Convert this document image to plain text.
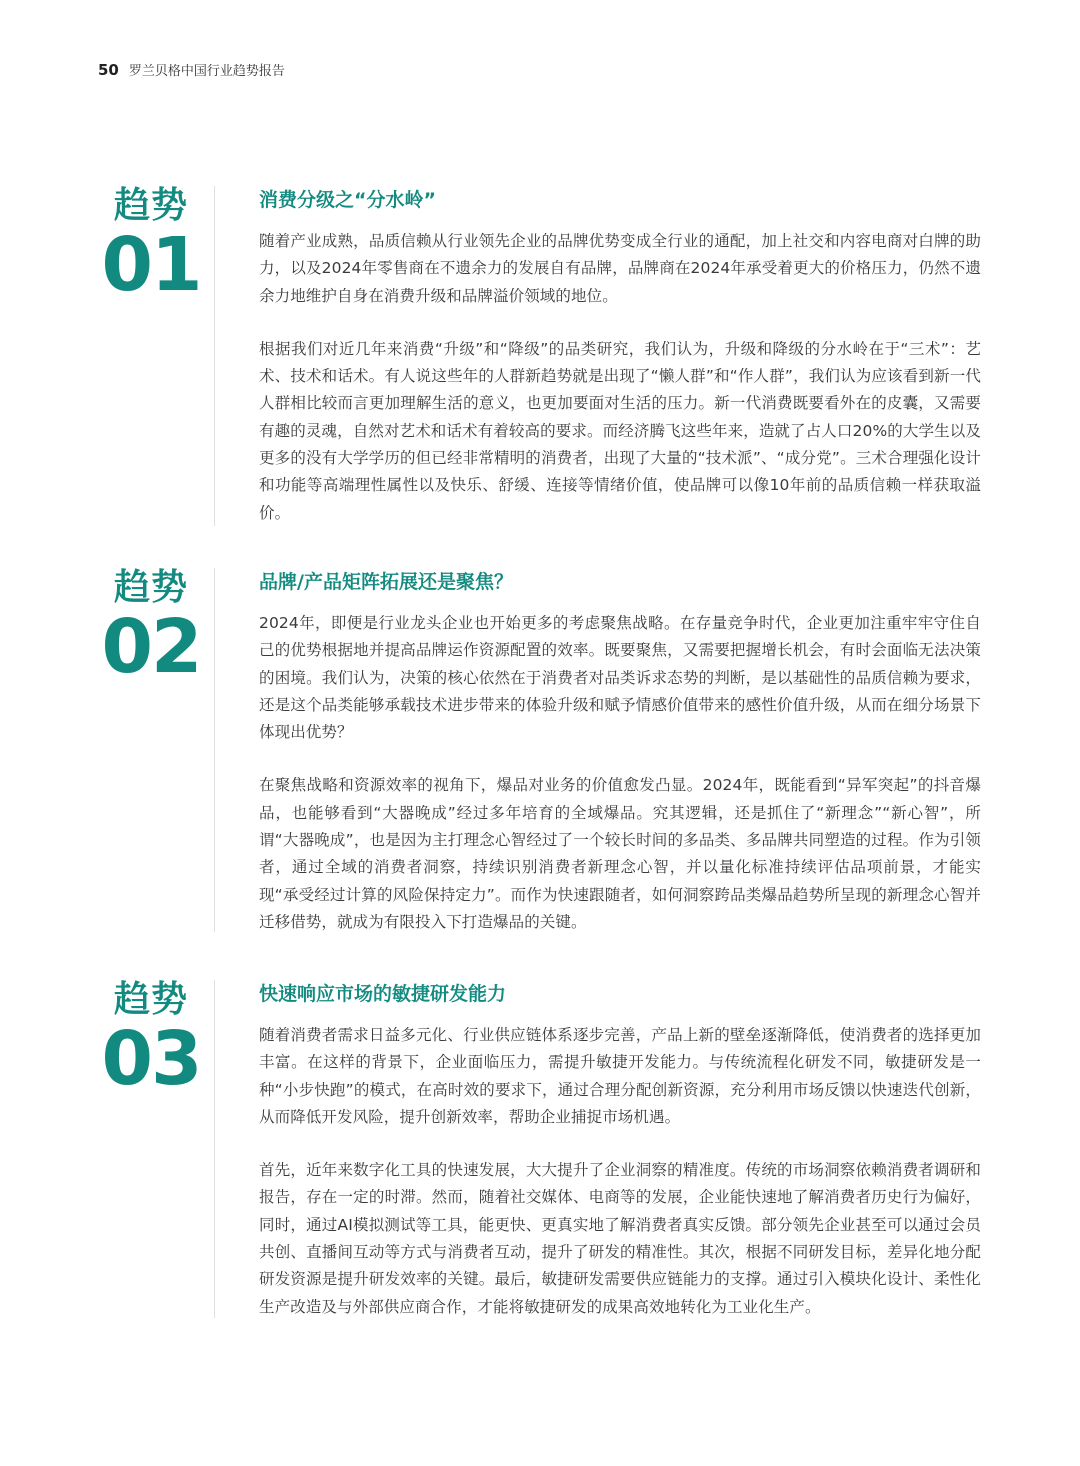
50 罗兰贝格中国行业趋势报告
趋势
01
消费分级之“分水岭”

随着产业成熟，品质信赖从行业领先企业的品牌优势变成全行业的通配，加上社交和内容电商对白牌的助力，以及2024年零售商在不遗余力的发展自有品牌，品牌商在2024年承受着更大的价格压力，仍然不遗余力地维护自身在消费升级和品牌溢价领域的地位。

根据我们对近几年来消费“升级”和“降级”的品类研究，我们认为，升级和降级的分水岭在于“三术”：艺术、技术和话术。有人说这些年的人群新趋势就是出现了“懒人群”和“作人群”，我们认为应该看到新一代人群相比较而言更加理解生活的意义，也更加要面对生活的压力。新一代消费既要看外在的皮囊，又需要有趣的灵魂，自然对艺术和话术有着较高的要求。而经济腾飞这些年来，造就了占人口20%的大学生以及更多的没有大学学历的但已经非常精明的消费者，出现了大量的“技术派”、“成分党”。三术合理强化设计和功能等高端理性属性以及快乐、舒缓、连接等情绪价值，使品牌可以像10年前的品质信赖一样获取溢价。

趋势
02
品牌/产品矩阵拓展还是聚焦？

2024年，即便是行业龙头企业也开始更多的考虑聚焦战略。在存量竞争时代，企业更加注重牢牢守住自己的优势根据地并提高品牌运作资源配置的效率。既要聚焦，又需要把握增长机会，有时会面临无法决策的困境。我们认为，决策的核心依然在于消费者对品类诉求态势的判断，是以基础性的品质信赖为要求，还是这个品类能够承载技术进步带来的体验升级和赋予情感价值带来的感性价值升级，从而在细分场景下体现出优势？

在聚焦战略和资源效率的视角下，爆品对业务的价值愈发凸显。2024年，既能看到“异军突起”的抖音爆品，也能够看到“大器晚成”经过多年培育的全域爆品。究其逻辑，还是抓住了“新理念”“新心智”，所谓“大器晚成”，也是因为主打理念心智经过了一个较长时间的多品类、多品牌共同塑造的过程。作为引领者，通过全域的消费者洞察，持续识别消费者新理念心智，并以量化标准持续评估品项前景，才能实现“承受经过计算的风险保持定力”。而作为快速跟随者，如何洞察跨品类爆品趋势所呈现的新理念心智并迁移借势，就成为有限投入下打造爆品的关键。

趋势
03
快速响应市场的敏捷研发能力

随着消费者需求日益多元化、行业供应链体系逐步完善，产品上新的壁垒逐渐降低，使消费者的选择更加丰富。在这样的背景下，企业面临压力，需提升敏捷开发能力。与传统流程化研发不同，敏捷研发是一种“小步快跑”的模式，在高时效的要求下，通过合理分配创新资源，充分利用市场反馈以快速迭代创新，从而降低开发风险，提升创新效率，帮助企业捕捉市场机遇。

首先，近年来数字化工具的快速发展，大大提升了企业洞察的精准度。传统的市场洞察依赖消费者调研和报告，存在一定的时滞。然而，随着社交媒体、电商等的发展，企业能快速地了解消费者历史行为偏好，同时，通过AI模拟测试等工具，能更快、更真实地了解消费者真实反馈。部分领先企业甚至可以通过会员共创、直播间互动等方式与消费者互动，提升了研发的精准性。其次，根据不同研发目标，差异化地分配研发资源是提升研发效率的关键。最后，敏捷研发需要供应链能力的支撑。通过引入模块化设计、柔性化生产改造及与外部供应商合作，才能将敏捷研发的成果高效地转化为工业化生产。
